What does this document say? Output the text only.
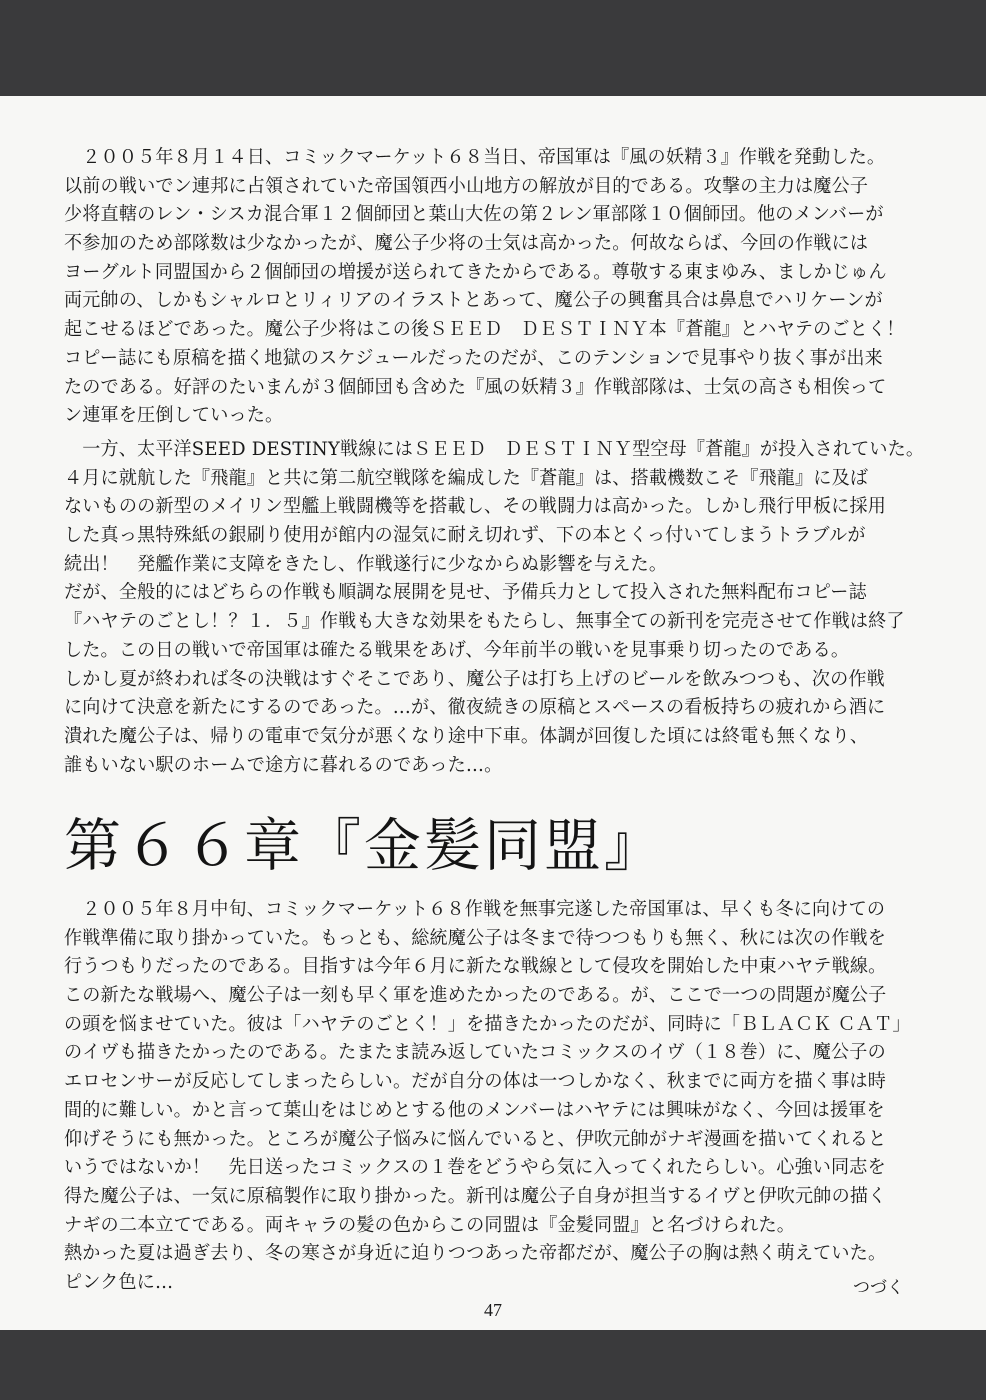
　２００５年８月１４日、コミックマーケット６８当日、帝国軍は『風の妖精３』作戦を発動した。
以前の戦いでン連邦に占領されていた帝国領西小山地方の解放が目的である。攻撃の主力は魔公子
少将直轄のレン・シスカ混合軍１２個師団と葉山大佐の第２レン軍部隊１０個師団。他のメンバーが
不参加のため部隊数は少なかったが、魔公子少将の士気は高かった。何故ならば、今回の作戦には
ヨーグルト同盟国から２個師団の増援が送られてきたからである。尊敬する東まゆみ、ましかじゅん
両元帥の、しかもシャルロとリィリアのイラストとあって、魔公子の興奮具合は鼻息でハリケーンが
起こせるほどであった。魔公子少将はこの後ＳＥＥＤ　ＤＥＳＴＩＮＹ本『蒼龍』とハヤテのごとく！
コピー誌にも原稿を描く地獄のスケジュールだったのだが、このテンションで見事やり抜く事が出来
たのである。好評のたいまんが３個師団も含めた『風の妖精３』作戦部隊は、士気の高さも相俟って
ン連軍を圧倒していった。
　一方、太平洋SEED DESTINY戦線にはＳＥＥＤ　ＤＥＳＴＩＮＹ型空母『蒼龍』が投入されていた。
４月に就航した『飛龍』と共に第二航空戦隊を編成した『蒼龍』は、搭載機数こそ『飛龍』に及ば
ないものの新型のメイリン型艦上戦闘機等を搭載し、その戦闘力は高かった。しかし飛行甲板に採用
した真っ黒特殊紙の銀刷り使用が館内の湿気に耐え切れず、下の本とくっ付いてしまうトラブルが
続出！　発艦作業に支障をきたし、作戦遂行に少なからぬ影響を与えた。
だが、全般的にはどちらの作戦も順調な展開を見せ、予備兵力として投入された無料配布コピー誌
『ハヤテのごとし！？１．５』作戦も大きな効果をもたらし、無事全ての新刊を完売させて作戦は終了
した。この日の戦いで帝国軍は確たる戦果をあげ、今年前半の戦いを見事乗り切ったのである。
しかし夏が終われば冬の決戦はすぐそこであり、魔公子は打ち上げのビールを飲みつつも、次の作戦
に向けて決意を新たにするのであった。…が、徹夜続きの原稿とスペースの看板持ちの疲れから酒に
潰れた魔公子は、帰りの電車で気分が悪くなり途中下車。体調が回復した頃には終電も無くなり、
誰もいない駅のホームで途方に暮れるのであった…。
第６６章『金髪同盟』
　２００５年８月中旬、コミックマーケット６８作戦を無事完遂した帝国軍は、早くも冬に向けての
作戦準備に取り掛かっていた。もっとも、総統魔公子は冬まで待つつもりも無く、秋には次の作戦を
行うつもりだったのである。目指すは今年６月に新たな戦線として侵攻を開始した中東ハヤテ戦線。
この新たな戦場へ、魔公子は一刻も早く軍を進めたかったのである。が、ここで一つの問題が魔公子
の頭を悩ませていた。彼は「ハヤテのごとく！」を描きたかったのだが、同時に「ＢＬＡＣＫ ＣＡＴ」
のイヴも描きたかったのである。たまたま読み返していたコミックスのイヴ（１８巻）に、魔公子の
エロセンサーが反応してしまったらしい。だが自分の体は一つしかなく、秋までに両方を描く事は時
間的に難しい。かと言って葉山をはじめとする他のメンバーはハヤテには興味がなく、今回は援軍を
仰げそうにも無かった。ところが魔公子悩みに悩んでいると、伊吹元帥がナギ漫画を描いてくれると
いうではないか！　先日送ったコミックスの１巻をどうやら気に入ってくれたらしい。心強い同志を
得た魔公子は、一気に原稿製作に取り掛かった。新刊は魔公子自身が担当するイヴと伊吹元帥の描く
ナギの二本立てである。両キャラの髪の色からこの同盟は『金髪同盟』と名づけられた。
熱かった夏は過ぎ去り、冬の寒さが身近に迫りつつあった帝都だが、魔公子の胸は熱く萌えていた。
ピンク色に…	つづく
47
